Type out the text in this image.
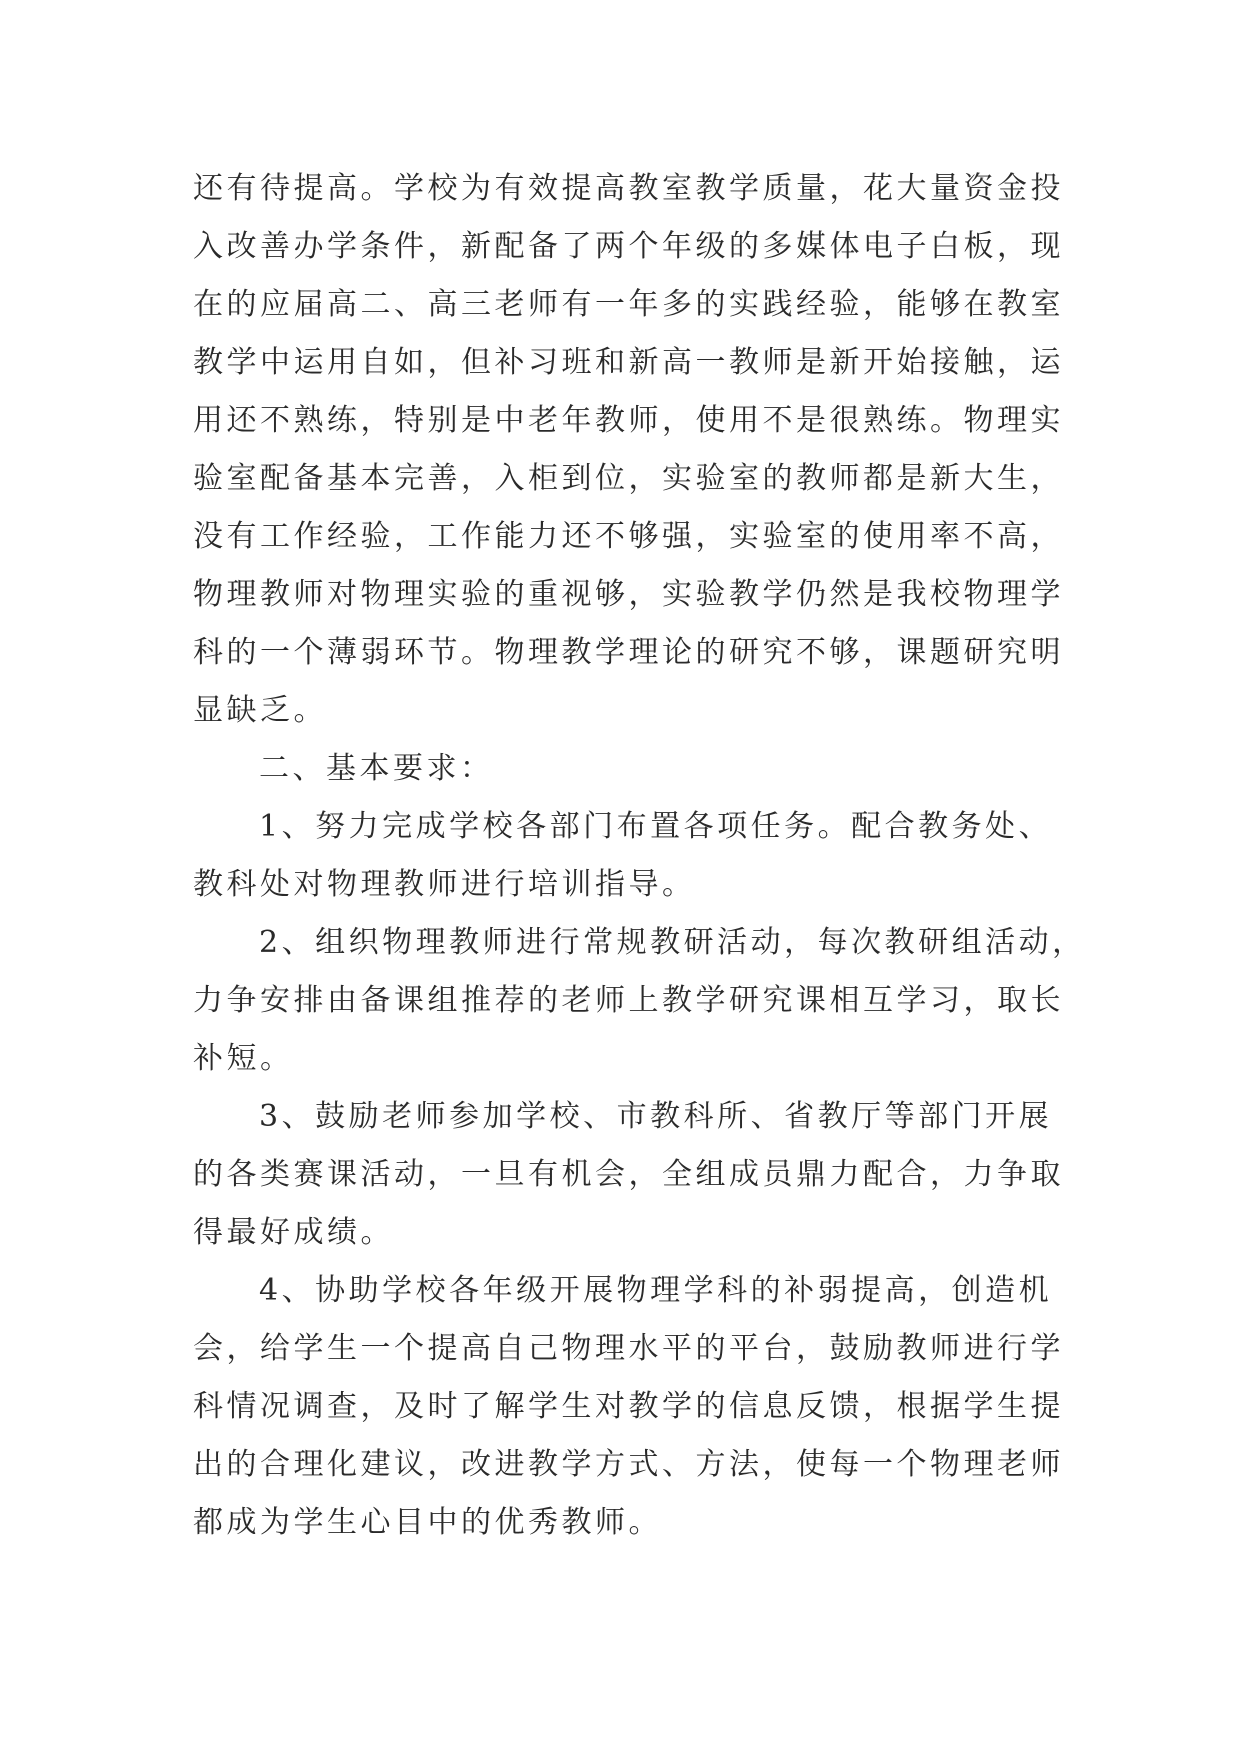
还有待提高。学校为有效提高教室教学质量，花大量资金投
入改善办学条件，新配备了两个年级的多媒体电子白板，现
在的应届高二、高三老师有一年多的实践经验，能够在教室
教学中运用自如，但补习班和新高一教师是新开始接触，运
用还不熟练，特别是中老年教师，使用不是很熟练。物理实
验室配备基本完善，入柜到位，实验室的教师都是新大生，
没有工作经验，工作能力还不够强，实验室的使用率不高，
物理教师对物理实验的重视够，实验教学仍然是我校物理学
科的一个薄弱环节。物理教学理论的研究不够，课题研究明
显缺乏。
二、基本要求：
1、努力完成学校各部门布置各项任务。配合教务处、
教科处对物理教师进行培训指导。
2、组织物理教师进行常规教研活动，每次教研组活动，
力争安排由备课组推荐的老师上教学研究课相互学习，取长
补短。
3、鼓励老师参加学校、市教科所、省教厅等部门开展
的各类赛课活动，一旦有机会，全组成员鼎力配合，力争取
得最好成绩。
4、协助学校各年级开展物理学科的补弱提高，创造机
会，给学生一个提高自己物理水平的平台，鼓励教师进行学
科情况调查，及时了解学生对教学的信息反馈，根据学生提
出的合理化建议，改进教学方式、方法，使每一个物理老师
都成为学生心目中的优秀教师。
